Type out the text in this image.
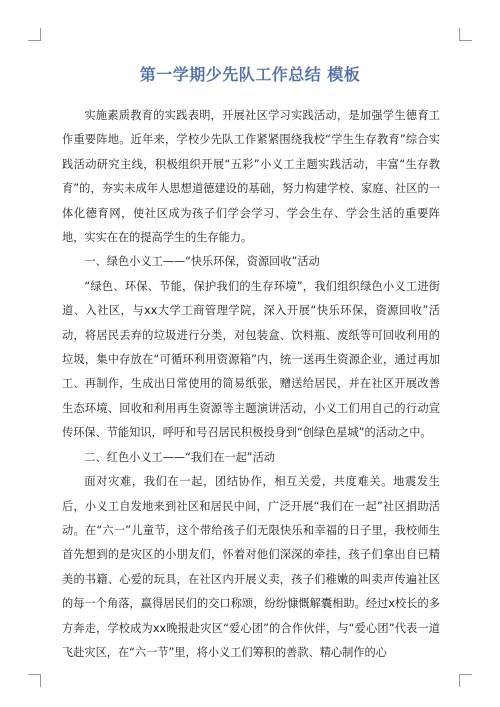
第一学期少先队工作总结 模板

实施素质教育的实践表明，开展社区学习实践活动，是加强学生德育工作重要阵地。近年来，学校少先队工作紧紧围绕我校“学生生存教育”综合实践活动研究主线，积极组织开展“五彩”小义工主题实践活动，丰富“生存教育”的，夯实未成年人思想道德建设的基础，努力构建学校、家庭、社区的一体化德育网，使社区成为孩子们学会学习、学会生存、学会生活的重要阵地，实实在在的提高学生的生存能力。

一、绿色小义工——“快乐环保，资源回收”活动

“绿色、环保、节能，保护我们的生存环境”，我们组织绿色小义工进街道、入社区，与xx大学工商管理学院，深入开展“快乐环保，资源回收”活动，将居民丢弃的垃圾进行分类，对包装盒、饮料瓶、废纸等可回收利用的垃圾，集中存放在“可循环利用资源箱”内，统一送再生资源企业，通过再加工、再制作，生成出日常使用的简易纸张，赠送给居民，并在社区开展改善生态环境、回收和利用再生资源等主题演讲活动，小义工们用自己的行动宣传环保、节能知识，呼吁和号召居民积极投身到“创绿色星城”的活动之中。

二、红色小义工——“我们在一起”活动

面对灾难，我们在一起，团结协作，相互关爱，共度难关。地震发生后，小义工自发地来到社区和居民中间，广泛开展“我们在一起”社区捐助活动。在“六一”儿童节，这个带给孩子们无限快乐和幸福的日子里，我校师生首先想到的是灾区的小朋友们，怀着对他们深深的牵挂，孩子们拿出自已精美的书籍、心爱的玩具，在社区内开展义卖，孩子们稚嫩的叫卖声传遍社区的每一个角落，赢得居民们的交口称颂，纷纷慷慨解囊相助。经过x校长的多方奔走，学校成为xx晚报赴灾区“爱心团”的合作伙伴，与“爱心团”代表一道飞赴灾区，在“六一节”里，将小义工们筹积的善款、精心制作的心
